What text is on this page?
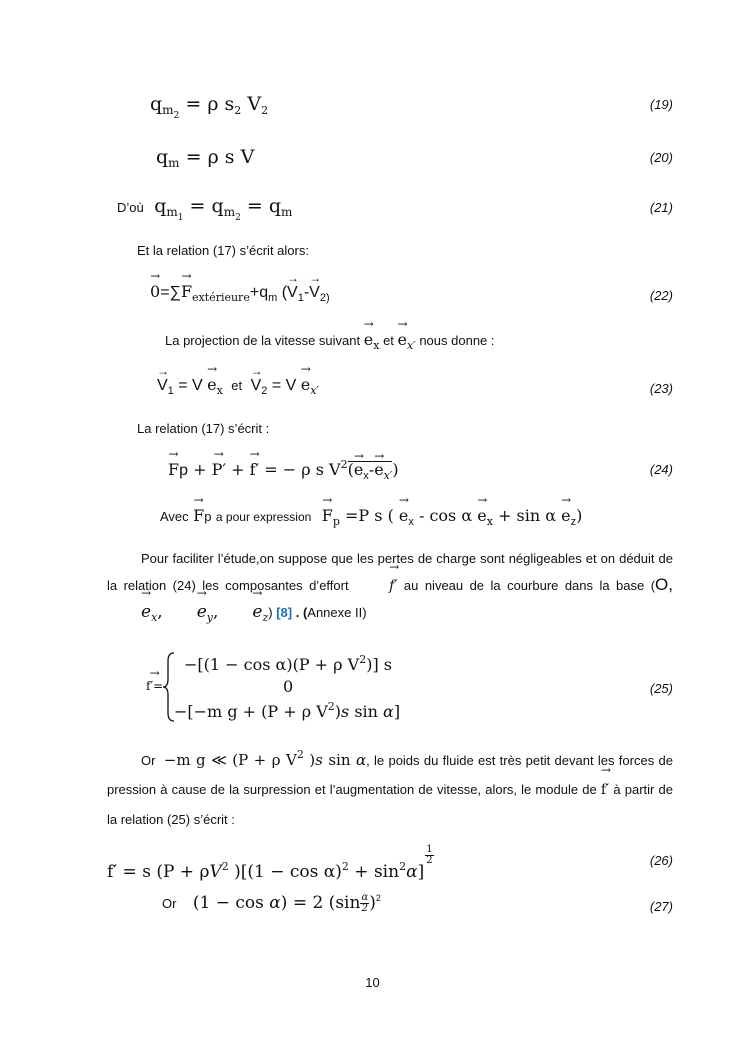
$q_{m_2} = \rho$ $s_2$ $V_2$	(19)
$q_m = \rho$ s V	(20)
D’où $q_{m_1} = q_{m_2} = q_m$	(21)
Et la relation (17) s’écrit alors:
→ $0=\sum\to F_{extérieure}+q_m$ (→ $V_1-\to V_{2)}$	(22)
La projection de la vitesse suivant → $e_x$ et → $e_{x'}$ nous donne :
→ $V_1 = V \to e_x$ et → $V_2 = V \to e_{x'}$	(23)
La relation (17) s’écrit :
→ Fp + → P′ + → f′ = − ρ s $V^2(\to e_x-\to e_{x'})$	(24)
Avec → Fp a pour expression → $F_p =P$ s ( → $e_x - \cos \alpha \to e_x + \sin \alpha \to e_z$)
Pour faciliter l’étude,on suppose que les pertes de charge sont négligeables et on déduit de la relation (24) les composantes d’effort →	f′ au niveau de la courbure dans la base $(O,\to e_x,\to e_y,\to e_z)$ [8] . (Annexe II)
→ f′=
−[(1 − cos α)(P + ρ $V^2$)] s
0
−[−m g + (P + ρ $V^2)s$ sin α]
(25)
Or −m g ≪ (P + ρ $V^2$ )s sin α, le poids du fluide est très petit devant les forces de pression à cause de la surpression et l’augmentation de vitesse, alors, le module de → f′ à partir de la relation (25) s’écrit :
f′ = s ($P + \rho V^2$ )$[(1 - \cos \alpha)^2 + \sin^2\alpha]$
$\frac{1}{2}$	(26)
Or (1 − cos α) = 2 $(\sin \frac{\alpha}{2} )^2$
(27)
10
